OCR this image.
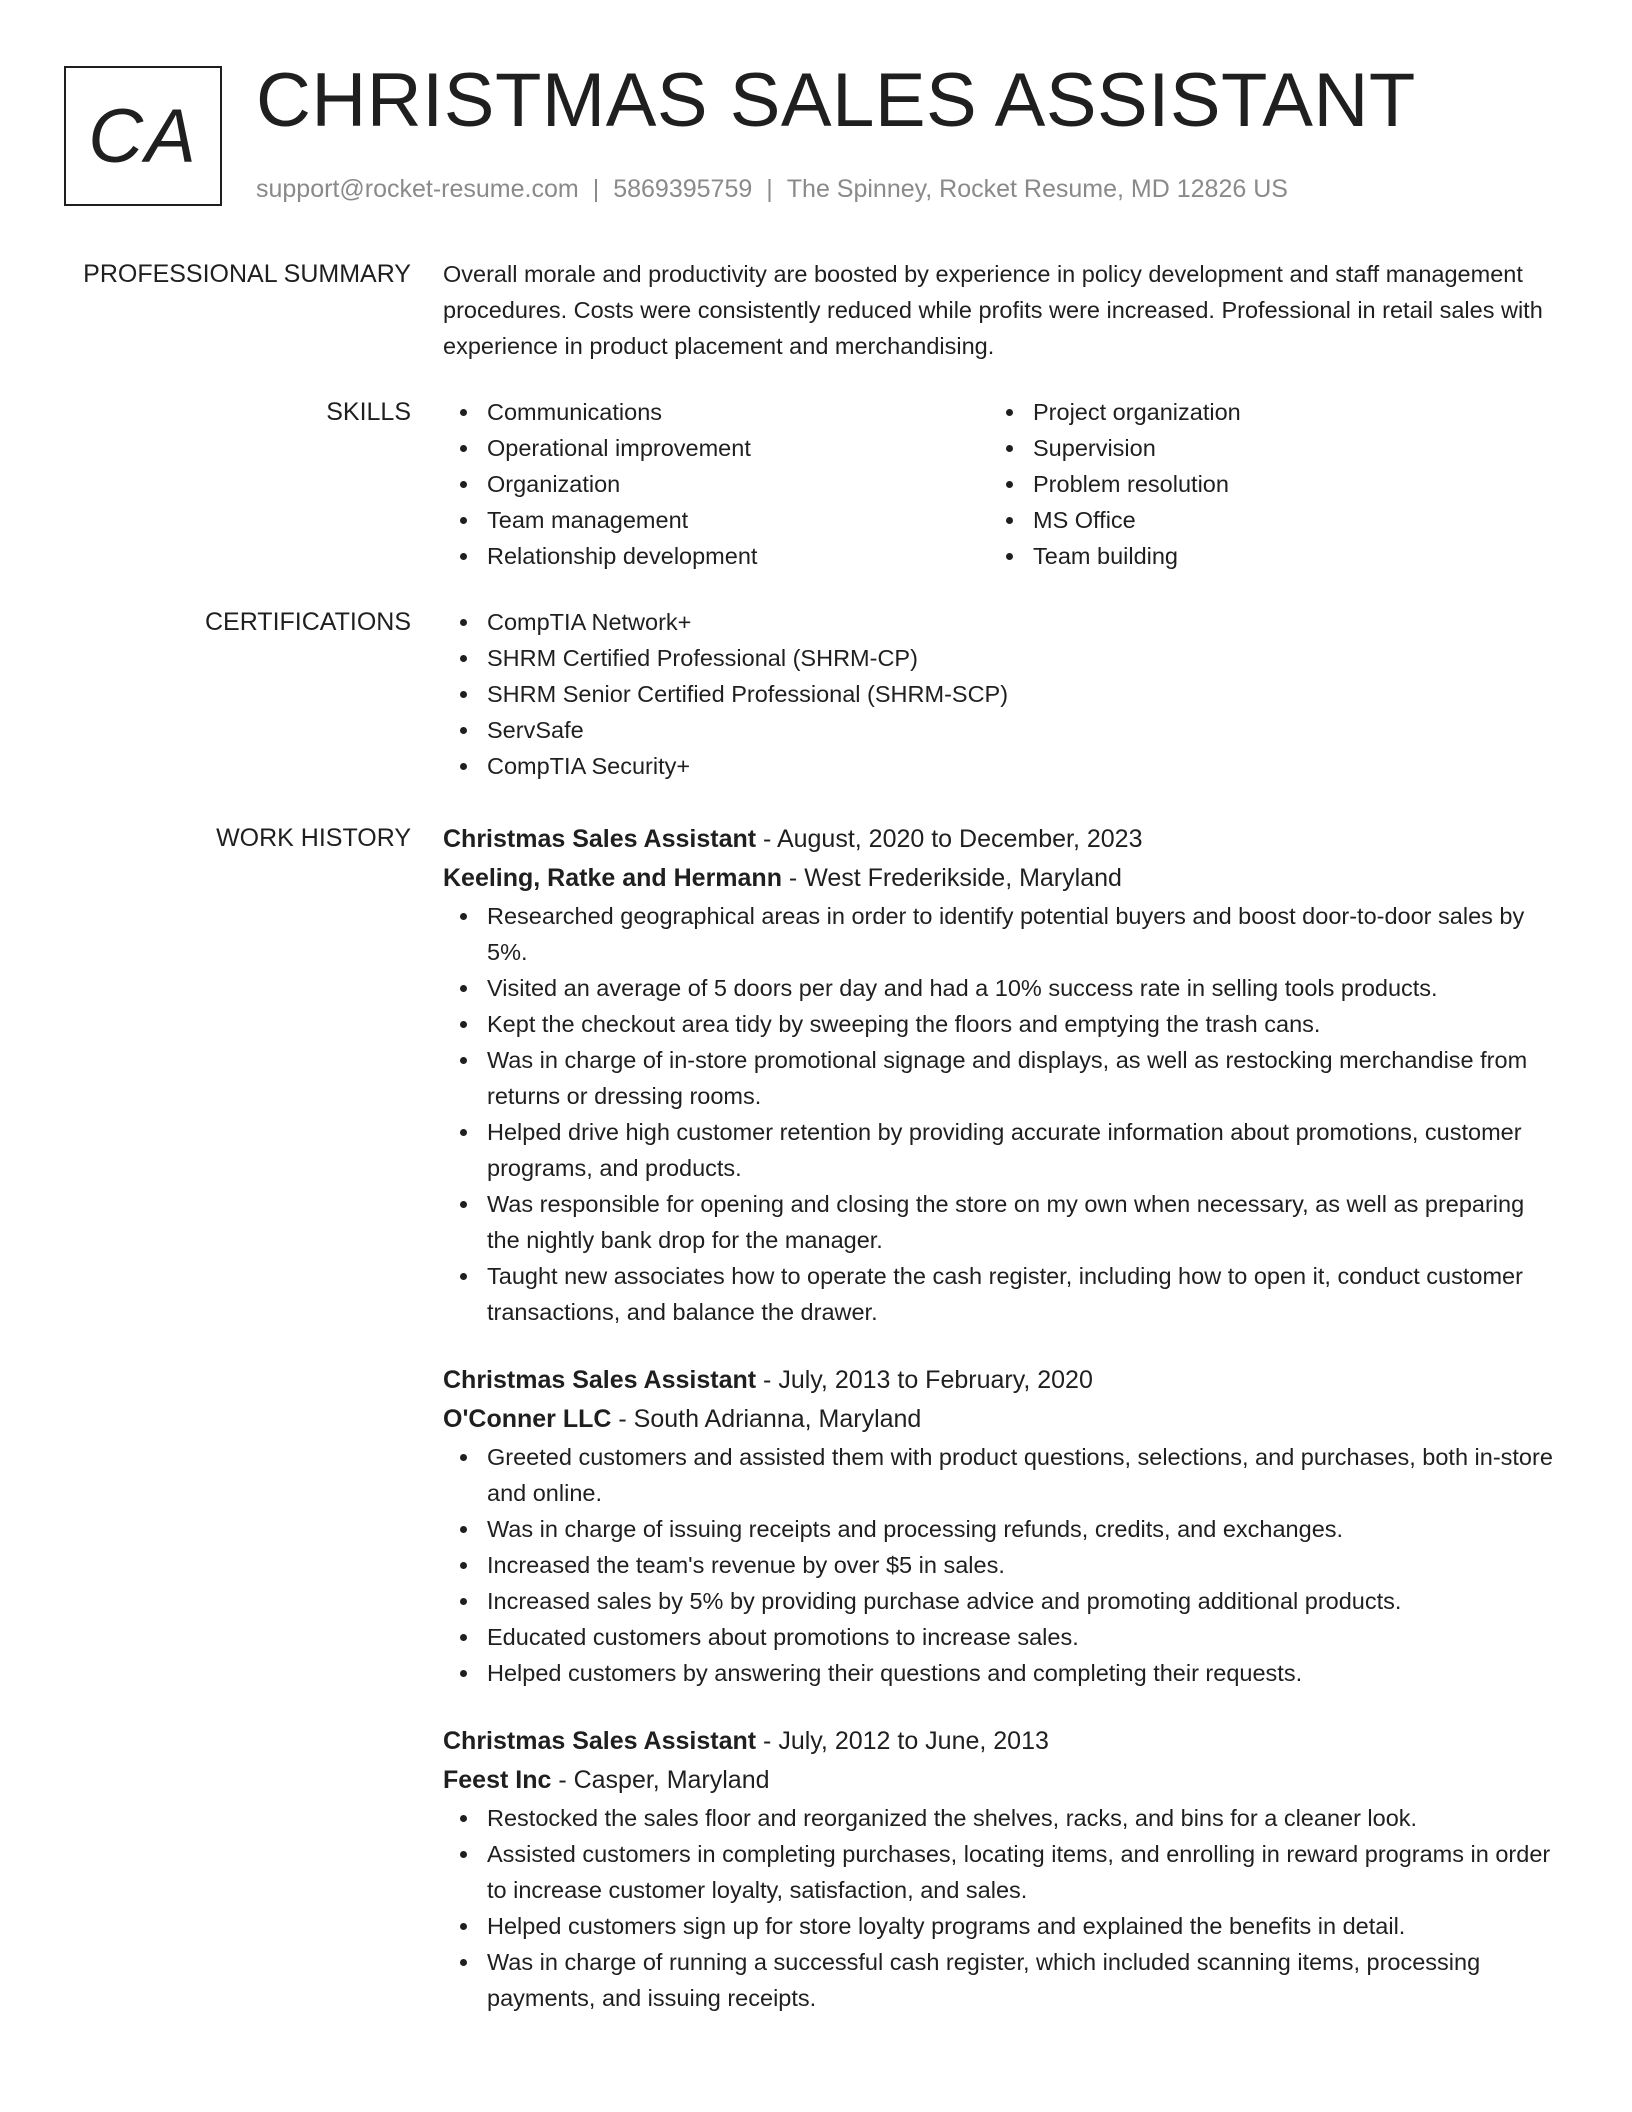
CA CHRISTMAS SALES ASSISTANT
support@rocket-resume.com | 5869395759 | The Spinney, Rocket Resume, MD 12826 US
PROFESSIONAL SUMMARY Overall morale and productivity are boosted by experience in policy development and staff management procedures. Costs were consistently reduced while profits were increased. Professional in retail sales with experience in product placement and merchandising.
SKILLS	Communications
Operational improvement
Organization
Team management
Relationship development
Project organization
Supervision
Problem resolution
MS Office
Team building
CERTIFICATIONS	CompTIA Network+
SHRM Certified Professional (SHRM-CP)
SHRM Senior Certified Professional (SHRM-SCP)
ServSafe
CompTIA Security+
WORK HISTORY Christmas Sales Assistant - August, 2020 to December, 2023
Keeling, Ratke and Hermann - West Frederikside, Maryland
Researched geographical areas in order to identify potential buyers and boost door-to-door sales by 5%.
Visited an average of 5 doors per day and had a 10% success rate in selling tools products.
Kept the checkout area tidy by sweeping the floors and emptying the trash cans.
Was in charge of in-store promotional signage and displays, as well as restocking merchandise from returns or dressing rooms.
Helped drive high customer retention by providing accurate information about promotions, customer programs, and products.
Was responsible for opening and closing the store on my own when necessary, as well as preparing the nightly bank drop for the manager.
Taught new associates how to operate the cash register, including how to open it, conduct customer transactions, and balance the drawer.
Christmas Sales Assistant - July, 2013 to February, 2020
O'Conner LLC - South Adrianna, Maryland
Greeted customers and assisted them with product questions, selections, and purchases, both in-store and online.
Was in charge of issuing receipts and processing refunds, credits, and exchanges.
Increased the team's revenue by over $5 in sales.
Increased sales by 5% by providing purchase advice and promoting additional products.
Educated customers about promotions to increase sales.
Helped customers by answering their questions and completing their requests.
Christmas Sales Assistant - July, 2012 to June, 2013
Feest Inc - Casper, Maryland
Restocked the sales floor and reorganized the shelves, racks, and bins for a cleaner look.
Assisted customers in completing purchases, locating items, and enrolling in reward programs in order to increase customer loyalty, satisfaction, and sales.
Helped customers sign up for store loyalty programs and explained the benefits in detail.
Was in charge of running a successful cash register, which included scanning items, processing payments, and issuing receipts.
